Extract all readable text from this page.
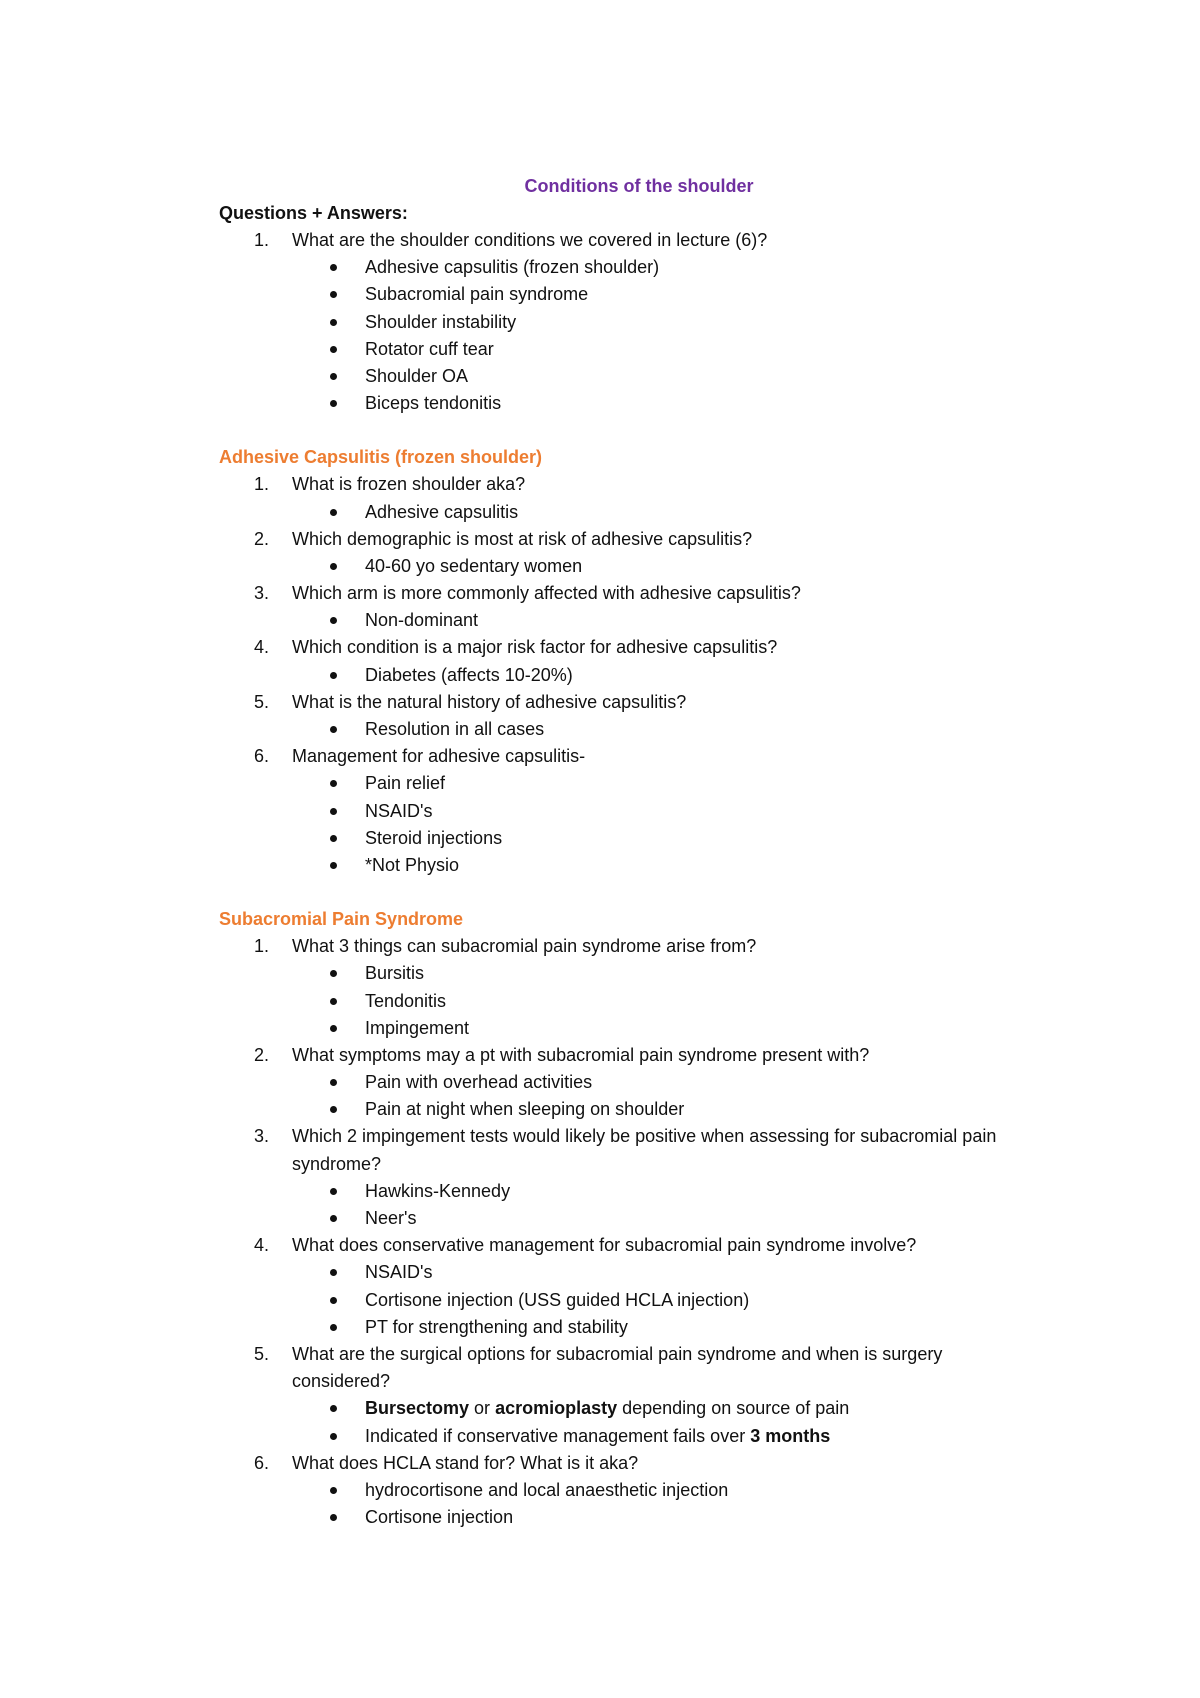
Conditions of the shoulder
Questions + Answers:
1. What are the shoulder conditions we covered in lecture (6)?
Adhesive capsulitis (frozen shoulder)
Subacromial pain syndrome
Shoulder instability
Rotator cuff tear
Shoulder OA
Biceps tendonitis
Adhesive Capsulitis (frozen shoulder)
1. What is frozen shoulder aka?
Adhesive capsulitis
2. Which demographic is most at risk of adhesive capsulitis?
40-60 yo sedentary women
3. Which arm is more commonly affected with adhesive capsulitis?
Non-dominant
4. Which condition is a major risk factor for adhesive capsulitis?
Diabetes (affects 10-20%)
5. What is the natural history of adhesive capsulitis?
Resolution in all cases
6. Management for adhesive capsulitis-
Pain relief
NSAID's
Steroid injections
*Not Physio
Subacromial Pain Syndrome
1. What 3 things can subacromial pain syndrome arise from?
Bursitis
Tendonitis
Impingement
2. What symptoms may a pt with subacromial pain syndrome present with?
Pain with overhead activities
Pain at night when sleeping on shoulder
3. Which 2 impingement tests would likely be positive when assessing for subacromial pain syndrome?
Hawkins-Kennedy
Neer's
4. What does conservative management for subacromial pain syndrome involve?
NSAID's
Cortisone injection (USS guided HCLA injection)
PT for strengthening and stability
5. What are the surgical options for subacromial pain syndrome and when is surgery considered?
Bursectomy or acromioplasty depending on source of pain
Indicated if conservative management fails over 3 months
6. What does HCLA stand for? What is it aka?
hydrocortisone and local anaesthetic injection
Cortisone injection
